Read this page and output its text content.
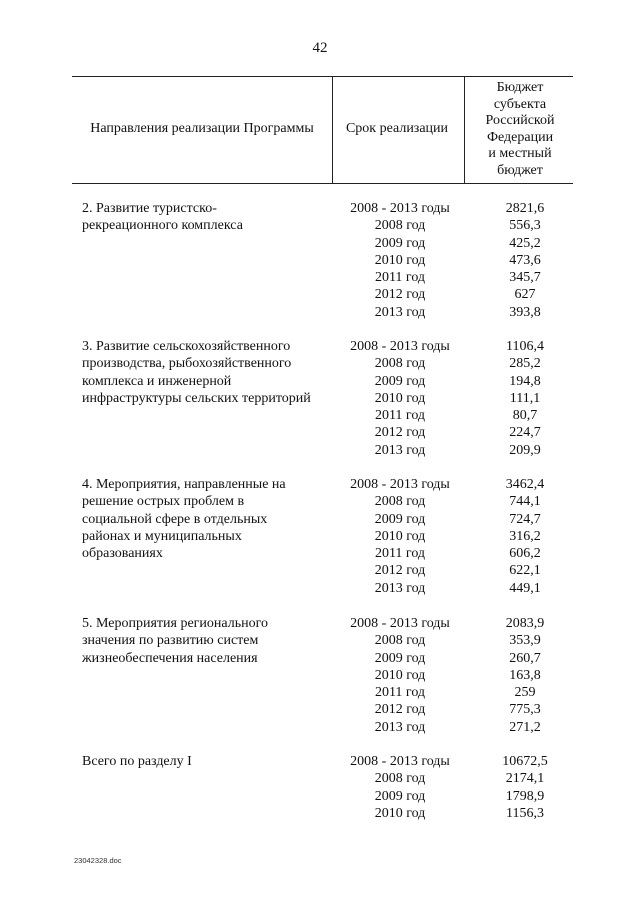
42
Направления реализации Программы	Срок реализации
Бюджет
субъекта
Российской
Федерации
и местный
бюджет
2. Развитие туристско-
рекреационного комплекса
2008 - 2013 годы
2008 год
2009 год
2010 год
2011 год
2012 год
2013 год
2821,6
556,3
425,2
473,6
345,7
627
393,8
3. Развитие сельскохозяйственного
производства, рыбохозяйственного
комплекса и инженерной
инфраструктуры сельских территорий
2008 - 2013 годы
2008 год
2009 год
2010 год
2011 год
2012 год
2013 год
1106,4
285,2
194,8
111,1
80,7
224,7
209,9
4. Мероприятия, направленные на
решение острых проблем в
социальной сфере в отдельных
районах и муниципальных
образованиях
2008 - 2013 годы
2008 год
2009 год
2010 год
2011 год
2012 год
2013 год
3462,4
744,1
724,7
316,2
606,2
622,1
449,1
5. Мероприятия регионального
значения по развитию систем
жизнеобеспечения населения
2008 - 2013 годы
2008 год
2009 год
2010 год
2011 год
2012 год
2013 год
2083,9
353,9
260,7
163,8
259
775,3
271,2
Всего по разделу I	2008 - 2013 годы
2008 год
2009 год
2010 год
10672,5
2174,1
1798,9
1156,3
23042328.doc
